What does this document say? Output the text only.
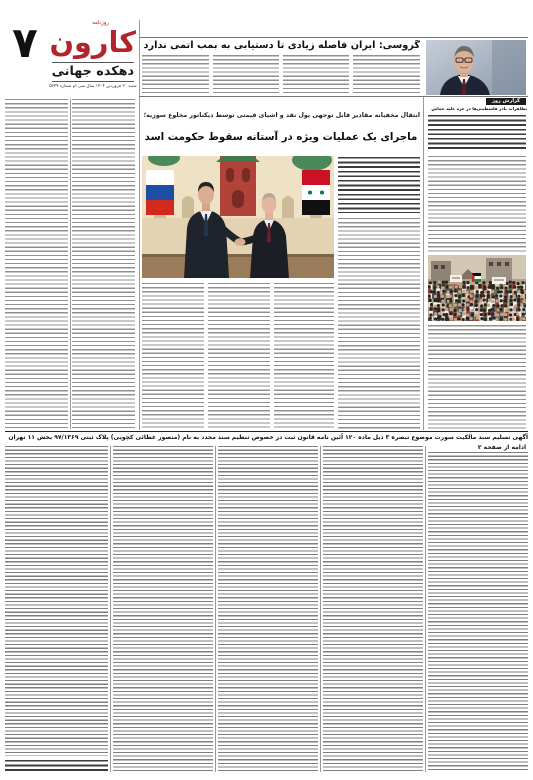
۷	روزنامه
کارون
دهکده جهانی
شنبه ۳۰ فروردین ۱۴۰۴ سال سی ام شماره ۵۲۴۹
گروسی: ایران فاصله زیادی تا دستیابی به بمب اتمی ندارد
گزارش روز
تظاهرات نادر فلسطینی‌ها در غزه علیه حماس
انتقال مخفیانه مقادیر قابل توجهی پول نقد و اشیای قیمتی توسط دیکتاتور مخلوع سوریه؛
ماجرای یک عملیات ویژه در آستانه سقوط حکومت اسد
آگهی تسلیم سند مالکیت سورت موضوع تبصره ۳ ذیل ماده ۱۲۰ آئین نامه قانون ثبت در خصوص تنظیم سند مجدد به نام (منصور عطائی کچویی) پلاک ثبتی ۹۷/۱۳۶۹ بخش ۱۱ تهران
ادامه از صفحه ۲
